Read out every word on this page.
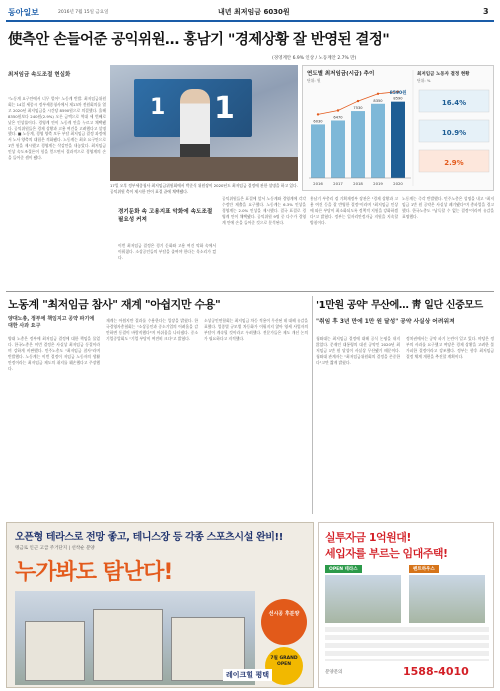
동아일보	2016년 7월 15일 금요일	내년 최저임금 6030원	3
使측안 손들어준 공익위원… 홍남기 "경제상황 잘 반영된 결정"
(경영계안 6.9% 인상 / 노동계안 2.7% 만)
최저임금 속도조절 현실화
"노동계 요구안에서 너무 멀어" 노동계 반발. 최저임금위원회는 14일 세종시 정부세종청사에서 제13차 전원회의를 열고 2020년 최저임금을 시간당 8590원으로 의결했다. 올해 8350원보다 240원(2.9%) 오른 금액으로 역대 세 번째로 낮은 인상률이다. 경영계 안이 노동계 안을 누르고 채택됐다. 공익위원들은 경제 상황과 고용 여건을 고려했다고 설명했다. ■ 노동계, 경영 양측 모두 부담 최저임금 결정 과정에서 노사 양측의 대립은 격화됐다. 노동계는 최초 요구안으로 1만 원을 제시했고 경영계는 삭감안을 내놓았다. 최저임금 인상 속도조절론이 힘을 얻으면서 결과적으로 경영계의 손을 들어준 셈이 됐다.
1 1
17일 오후 정부세종청사 최저임금위원회에서 박준식 위원장이 2020년도 최저임금 결정에 관한 설명을 하고 있다. 공익위원 측이 제시한 안이 표결 끝에 채택됐다.
연도별 최저임금(시급) 추이
단위: 원
2016
6030
2017
6470
2018
7530
2019
8350
2020
8590
8590원
최저임금 노동자 결정 현황
단위: %
16.4%
10.9%
2.9%
경기둔화 속 고용지표 악화에 속도조절 필요성 커져
이번 최저임금 결정은 경기 둔화와 고용 여건 악화 속에서 이뤄졌다. 소상공인들의 부담을 줄여야 한다는 목소리가 컸다.
공익위원들은 표결에 앞서 노동계와 경영계에 각각 수정안 제출을 요구했다. 노동계는 6.3% 인상을 경영계는 2.0% 인상을 제시했다. 결국 표결로 경영계 안이 채택됐다. 공익위원 9명 중 다수가 경영계 안에 손을 들어준 것으로 분석된다.
홍남기 부총리 겸 기획재정부 장관은 "경제 상황과 고용 여건 등을 잘 반영한 결정"이라며 "최저임금 인상에 따른 부담이 최소화되도록 정책적 지원을 강화하겠다"고 밝혔다. 정부는 일자리안정자금 지원을 지속할 방침이다.
노동계는 즉각 반발했다. 민주노총은 성명을 내고 "최저임금 1만 원 공약은 사실상 폐기됐다"며 총파업을 경고했다. 한국노총도 "납득할 수 없는 결정"이라며 유감을 표명했다.
노동계 "최저임금 참사" 재계 "아쉽지만 수용"
양대노총, 정부에 책임지고 공약 파기에 대한 사과 요구
양대 노총은 정부에 최저임금 결정에 대한 책임을 물었다. 한국노총은 이번 결정은 사실상 최저임금 동결이라며 강하게 비판했다. 민주노총도 "최저임금 참사"라며 반발했다. 노동계는 이번 결정이 저임금 노동자의 생활 안정이라는 최저임금 제도의 취지를 훼손했다고 주장했다.
재계는 아쉽지만 결과를 수용한다는 입장을 밝혔다. 한국경영자총협회는 "소상공인과 중소기업의 어려움을 감안하면 동결이 바람직했다"며 아쉬움을 나타냈다. 중소기업중앙회도 "기업 부담이 여전히 크다"고 밝혔다.
소상공인연합회는 최저임금 차등 적용이 무산된 데 대해 유감을 표했다. 업종별 규모별 차등화가 이뤄지지 않아 영세 사업자의 부담이 계속될 것이라고 우려했다. 전문가들은 제도 개선 논의가 필요하다고 지적했다.
'1만원 공약' 무산에… 靑 일단 신중모드
"취임 후 3년 만에 1만 원 달성" 공약 사실상 어려워져
청와대는 최저임금 결정에 대해 공식 논평을 내지 않았다. 문재인 대통령의 대선 공약인 2020년 최저임금 1만 원 달성이 사실상 무산됐기 때문이다. 청와대 관계자는 "최저임금위원회의 결정을 존중한다"고만 짧게 밝혔다.
정치권에서는 공약 파기 논란이 일고 있다. 야당은 정부의 사과를 요구했고 여당은 경제 상황을 고려한 불가피한 결정이라고 강조했다. 정부는 향후 최저임금 결정 체계 개편을 추진할 계획이다.
오픈형 테라스로 전망 좋고, 테니스장 등 각종 스포츠시설 완비!!
맹금로 인근 고급 주거단지 | 선착순 분양
누가봐도 탐난다!
선시공 후분양
7월 GRAND OPEN
레이크힐 평택
실투자금 1억원대!
세입자를 부르는 임대주택!
OPEN 테라스	펜트하우스
분양문의	1588-4010
